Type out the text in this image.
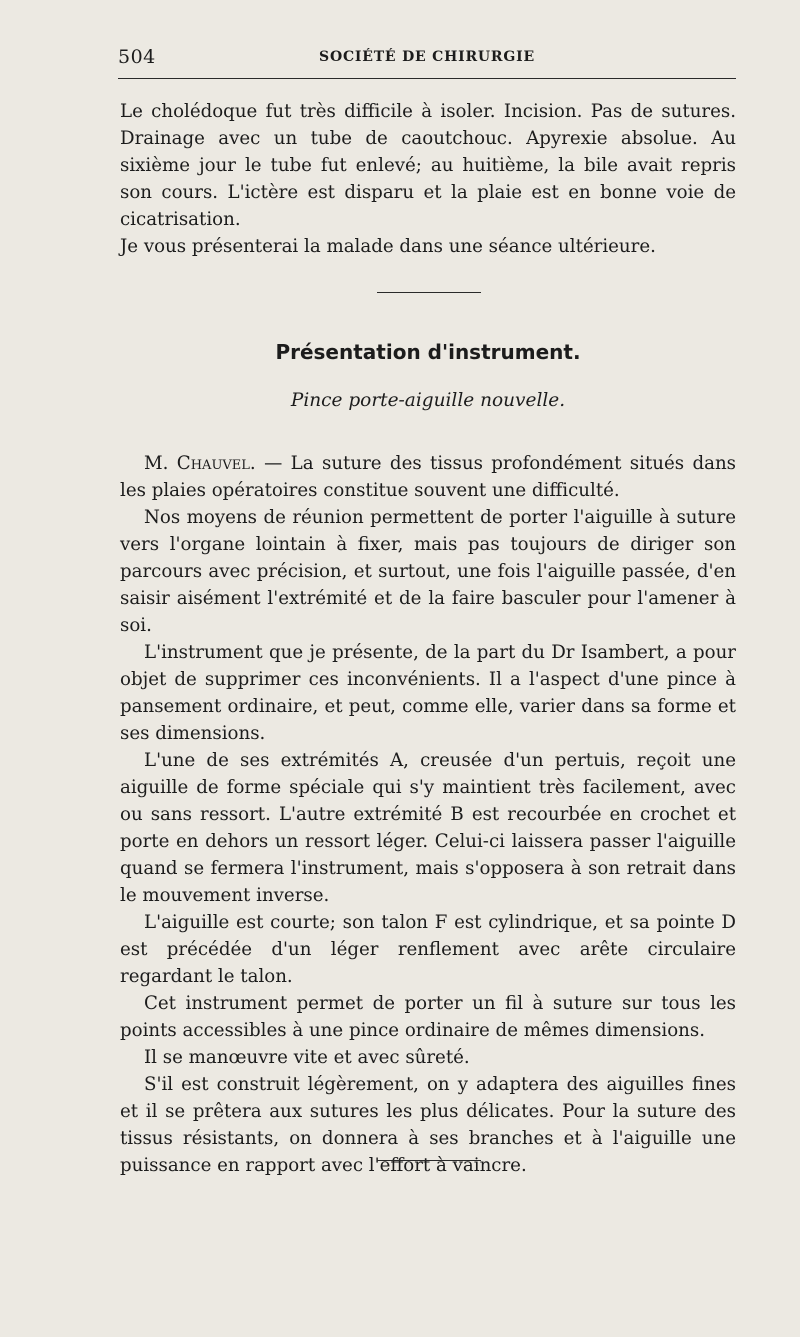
504	SOCIÉTÉ DE CHIRURGIE

Le cholédoque fut très difficile à isoler. Incision. Pas de sutures. Drainage avec un tube de caoutchouc. Apyrexie absolue. Au sixième jour le tube fut enlevé; au huitième, la bile avait repris son cours. L'ictère est disparu et la plaie est en bonne voie de cicatrisation.

Je vous présenterai la malade dans une séance ultérieure.

Présentation d'instrument.
Pince porte-aiguille nouvelle.

M. Chauvel. — La suture des tissus profondément situés dans les plaies opératoires constitue souvent une difficulté.

Nos moyens de réunion permettent de porter l'aiguille à suture vers l'organe lointain à fixer, mais pas toujours de diriger son parcours avec précision, et surtout, une fois l'aiguille passée, d'en saisir aisément l'extrémité et de la faire basculer pour l'amener à soi.

L'instrument que je présente, de la part du Dr Isambert, a pour objet de supprimer ces inconvénients. Il a l'aspect d'une pince à pansement ordinaire, et peut, comme elle, varier dans sa forme et ses dimensions.

L'une de ses extrémités A, creusée d'un pertuis, reçoit une aiguille de forme spéciale qui s'y maintient très facilement, avec ou sans ressort. L'autre extrémité B est recourbée en crochet et porte en dehors un ressort léger. Celui-ci laissera passer l'aiguille quand se fermera l'instrument, mais s'opposera à son retrait dans le mouvement inverse.

L'aiguille est courte; son talon F est cylindrique, et sa pointe D est précédée d'un léger renflement avec arête circulaire regardant le talon.

Cet instrument permet de porter un fil à suture sur tous les points accessibles à une pince ordinaire de mêmes dimensions.

Il se manœuvre vite et avec sûreté.

S'il est construit légèrement, on y adaptera des aiguilles fines et il se prêtera aux sutures les plus délicates. Pour la suture des tissus résistants, on donnera à ses branches et à l'aiguille une puissance en rapport avec l'effort à vaincre.
